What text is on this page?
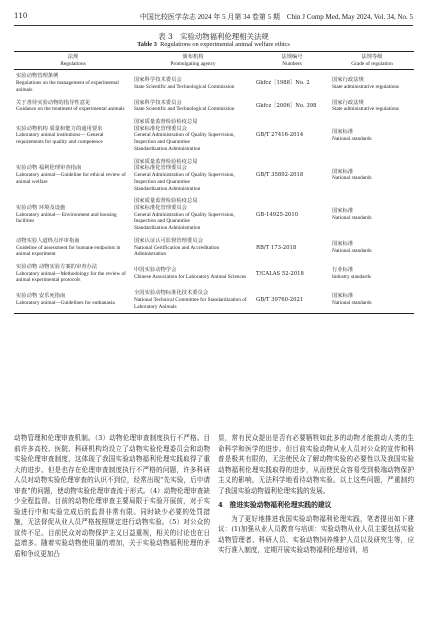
110	中国比较医学杂志 2024 年 5 月第 34 卷第 5 期　Chin J Comp Med, May 2024, Vol. 34, No. 5
表 3　实验动物福利伦理相关法规
Table 3 Regulations on experimental animal welfare ethics
法规
Regulations	颁布机构
Promulgating agency	法规编号
Numbers	法规等级
Grade of regulation

实验动物管理条例
Regulations on the management of experimental animals	国家科学技术委员会
State Scientific and Technological Commission	Gkfcz［1988］No. 2	国家行政法规
State administrative regulations

关于善待实验动物的指导性意见
Guidance on the treatment of experimental animals	国家科学技术委员会
State Scientific and Technological Commission	Gkfcz［2006］No. 398	国家行政法规
State administrative regulations

实验动物机构 质量和能力的通用要求
Laboratory animal institutions— General requirements for quality and competence	国家质量监督检验检疫总局
国家标准化管理委员会
General Administration of Quality Supervision, Inspection and Quarantine
Standardization Administration	GB/T 27416-2014	国家标准
National standards

实验动物 福利伦理审查指南
Laboratory animal—Guideline for ethical review of animal welfare	国家质量监督检验检疫总局
国家标准化管理委员会
General Administration of Quality Supervision, Inspection and Quarantine
Standardization Administration	GB/T 35892-2018	国家标准
National standards

实验动物 环境及设施
Laboratory animal— Environment and housing facilities	国家质量监督检验检疫总局
国家标准化管理委员会
General Administration of Quality Supervision, Inspection and Quarantine
Standardization Administration	GB-14925-2010	国家标准
National standards

动物实验人道终点评审指南
Guideline of assessment for humane endpoints in animal experiment	国家认证认可监督管理委员会
National Certification and Accreditation Administration	RB/T 173-2018	国家标准
National standards

实验动物 动物实验方案的审查办法
Laboratory animal—Methodology for the review of animal experimental protocols	中国实验动物学会
Chinese Association for Laboratory Animal Sciences	T/CALAS 52-2018	行业标准
Industry standards

实验动物 安乐死指南
Laboratory animal—Guidelines for euthanasia	全国实验动物标准化技术委员会
National Technical Committee for Standardization of Laboratory Animals	GB/T 39760-2021	国家标准
National standards

动物管理和伦理审查机制。（3）动物伦理审查制度执行不严格。目前许多高校、医院、科研机构均设立了动物实验伦理委员会和动物实验伦理审查制度，这体现了我国实验动物福利伦理实践取得了重大的进步。但是也存在伦理审查制度执行不严格的问题，许多科研人员对动物实验伦理审查的认识不到位，经常出现“先实验，后申请审查”的问题，使动物实验伦理审查流于形式。（4）动物伦理审查缺少全程监督。目前的动物伦理审查主要局限于实验开展前，对于实验进行中和实验完成后的监督非常有限。同时缺少必要的处罚措施，无法督促从业人员严格按照规定进行动物实验。（5）对公众的宣传不足。目前民众对动物保护主义日益重视，相关的讨论也在日益增多。随着实验动物使用量的增加，关于实验动物福利伦理的矛盾和争议更加凸

显，常有民众提出是否有必要牺牲如此多的动物才能推动人类的生命科学和医学的进步。但目前实验动物从业人员对公众的宣传和科普是极其有限的，无法使民众了解动物实验的必要性以及我国实验动物福利伦理实践取得的进步，从而使民众容易受到极端动物保护主义的影响，无法科学地看待动物实验。以上这些问题，严重制约了我国实验动物福利伦理实践的发展。

4　推进实验动物福利伦理实践的建议

为了更好地推进我国实验动物福利伦理实践，笔者提出如下建议：(1)加强从业人员教育与培训：实验动物从业人员主要包括实验动物管理者、科研人员、实验动物饲养维护人员以及研究生等，应实行准入制度，定期开展实验动物福利伦理培训，培
